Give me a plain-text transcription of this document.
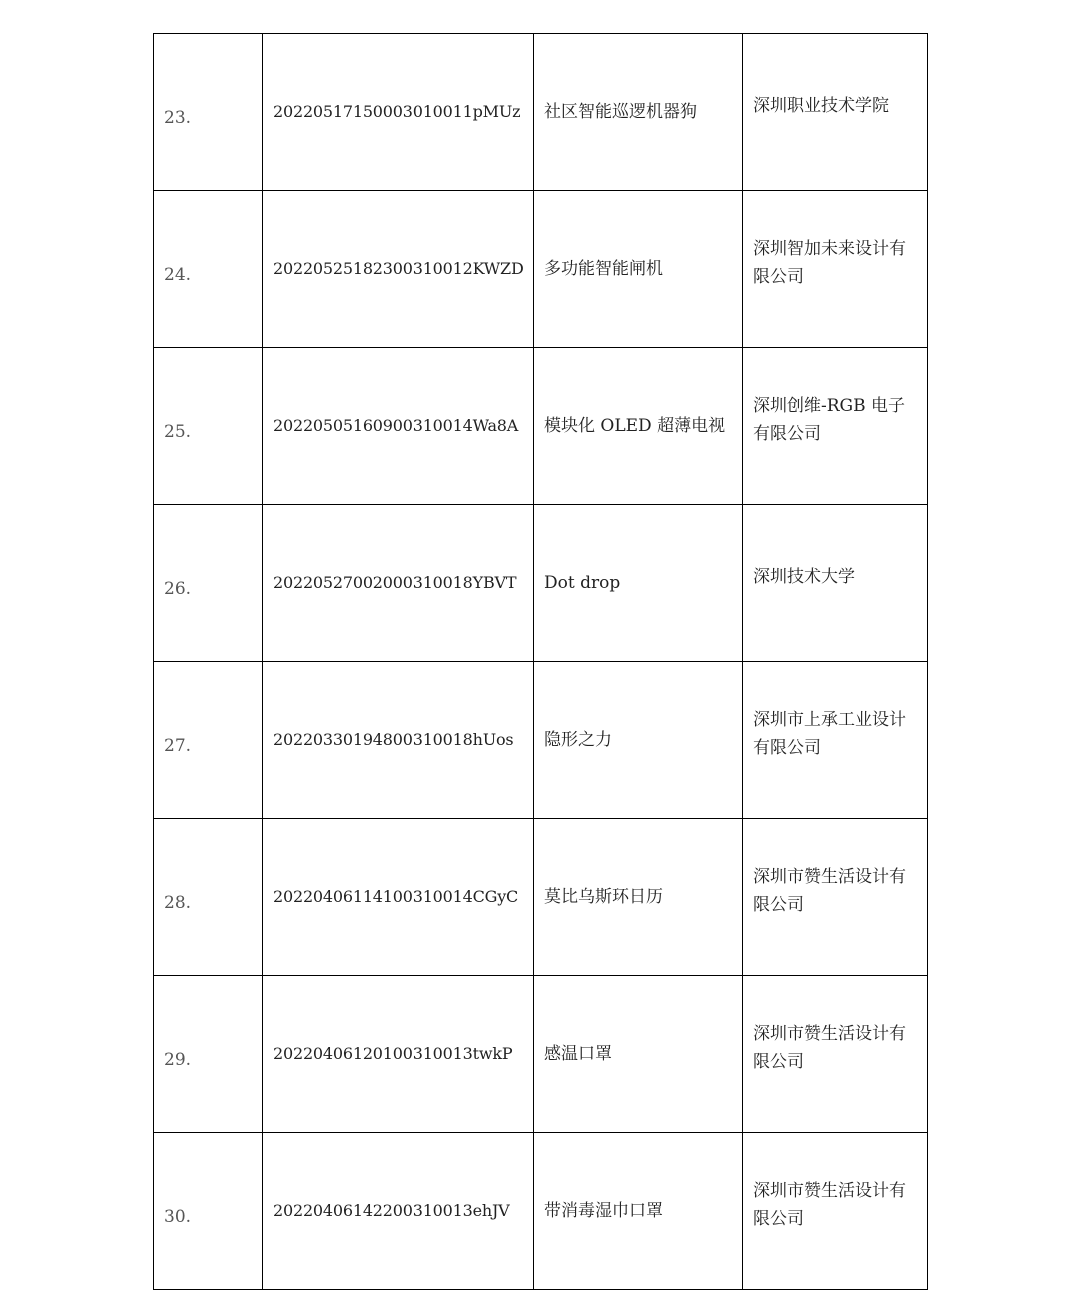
23.	20220517150003010011pMUz	社区智能巡逻机器狗	深圳职业技术学院

24.	20220525182300310012KWZD	多功能智能闸机	深圳智加未来设计有限公司

25.	20220505160900310014Wa8A	模块化 OLED 超薄电视	深圳创维-RGB 电子有限公司

26.	20220527002000310018YBVT	Dot drop	深圳技术大学

27.	20220330194800310018hUos	隐形之力	深圳市上承工业设计有限公司

28.	20220406114100310014CGyC	莫比乌斯环日历	深圳市赞生活设计有限公司

29.	20220406120100310013twkP	感温口罩	深圳市赞生活设计有限公司

30.	20220406142200310013ehJV	带消毒湿巾口罩	深圳市赞生活设计有限公司
